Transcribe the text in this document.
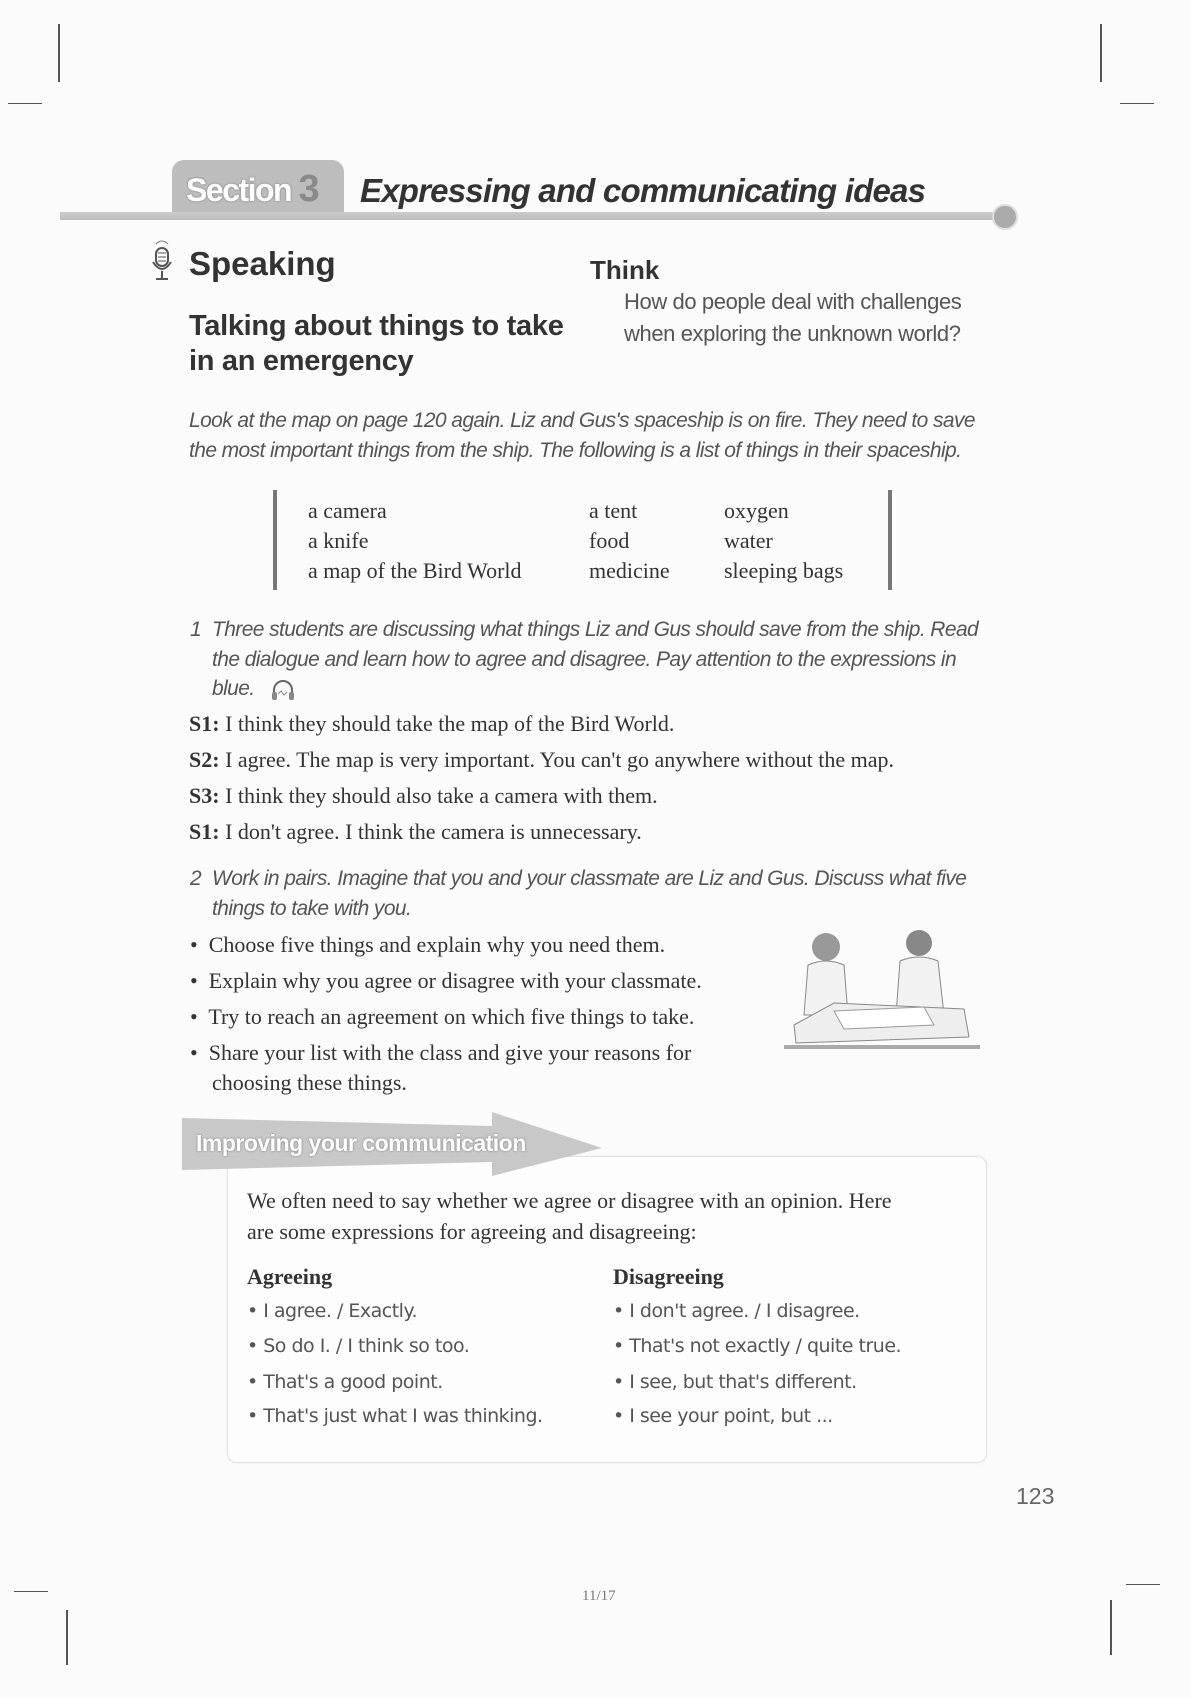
Section 3 Expressing and communicating ideas
Speaking
Talking about things to take
in an emergency
Think
How do people deal with challenges
when exploring the unknown world?
Look at the map on page 120 again. Liz and Gus's spaceship is on fire. They need to save
the most important things from the ship. The following is a list of things in their spaceship.
a camera
a knife
a map of the Bird World
a tent
food
medicine
oxygen
water
sleeping bags
1 Three students are discussing what things Liz and Gus should save from the ship. Read
the dialogue and learn how to agree and disagree. Pay attention to the expressions in
blue.
S1: I think they should take the map of the Bird World.
S2: I agree. The map is very important. You can't go anywhere without the map.
S3: I think they should also take a camera with them.
S1: I don't agree. I think the camera is unnecessary.
2 Work in pairs. Imagine that you and your classmate are Liz and Gus. Discuss what five
things to take with you.
•  Choose five things and explain why you need them.
•  Explain why you agree or disagree with your classmate.
•  Try to reach an agreement on which five things to take.
•  Share your list with the class and give your reasons for
choosing these things.
Improving your communication
We often need to say whether we agree or disagree with an opinion. Here
are some expressions for agreeing and disagreeing:
Agreeing	Disagreeing
• I agree. / Exactly.
• So do I. / I think so too.
• That's a good point.
• That's just what I was thinking.
• I don't agree. / I disagree.
• That's not exactly / quite true.
• I see, but that's different.
• I see your point, but ...
123
11/17
